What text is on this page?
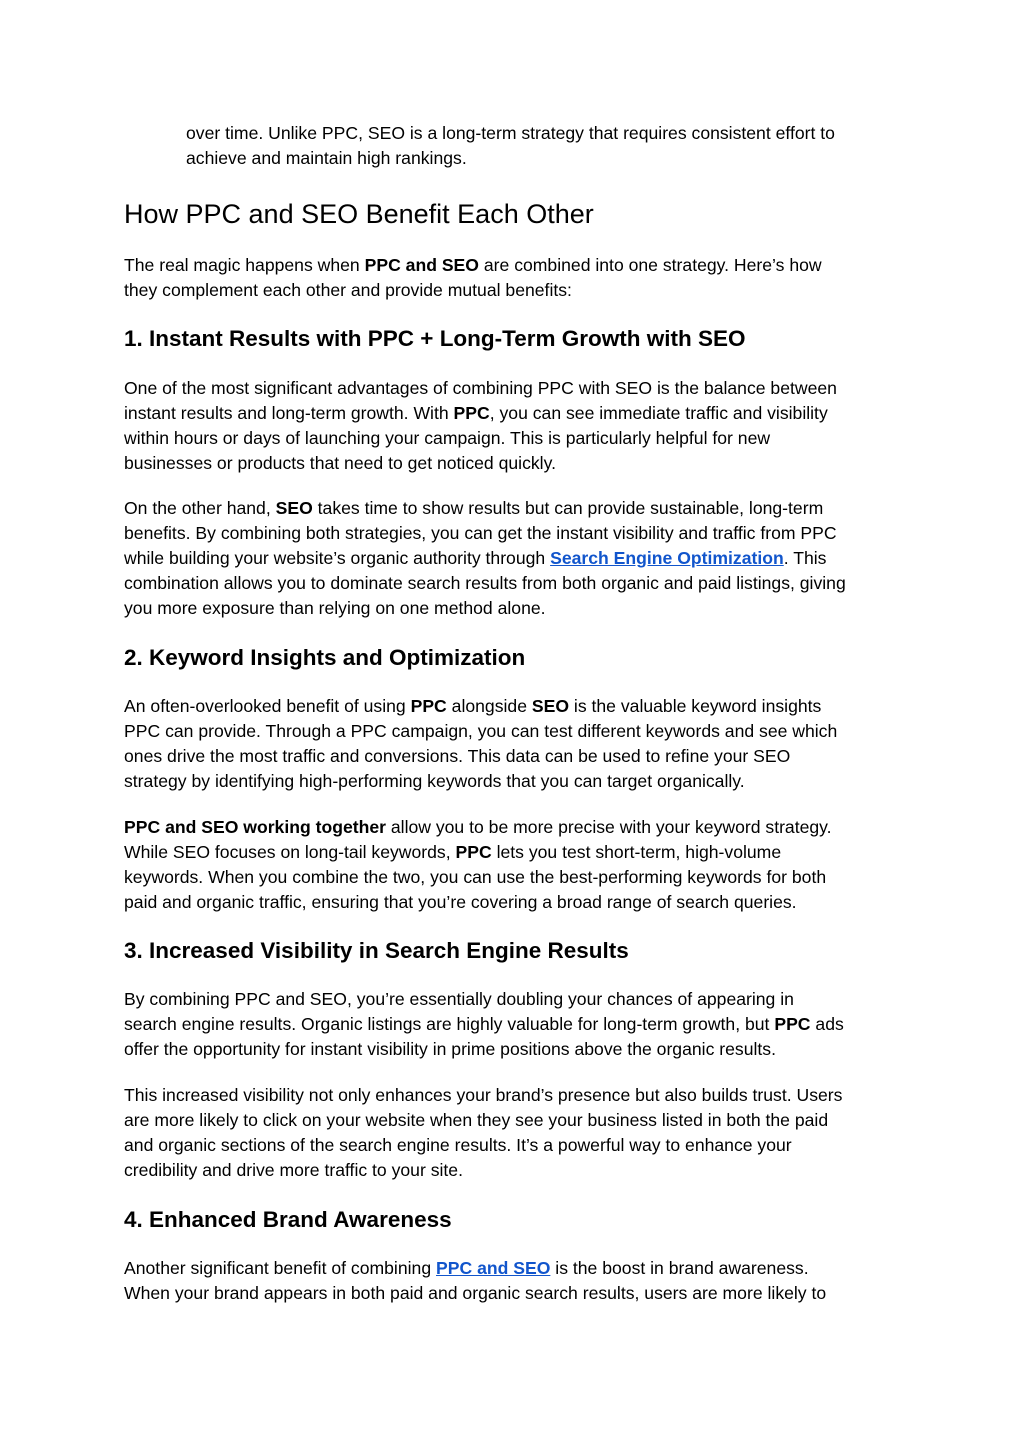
over time. Unlike PPC, SEO is a long-term strategy that requires consistent effort to
achieve and maintain high rankings.

How PPC and SEO Benefit Each Other

The real magic happens when PPC and SEO are combined into one strategy. Here’s how
they complement each other and provide mutual benefits:

1. Instant Results with PPC + Long-Term Growth with SEO

One of the most significant advantages of combining PPC with SEO is the balance between
instant results and long-term growth. With PPC, you can see immediate traffic and visibility
within hours or days of launching your campaign. This is particularly helpful for new
businesses or products that need to get noticed quickly.

On the other hand, SEO takes time to show results but can provide sustainable, long-term
benefits. By combining both strategies, you can get the instant visibility and traffic from PPC
while building your website’s organic authority through Search Engine Optimization. This
combination allows you to dominate search results from both organic and paid listings, giving
you more exposure than relying on one method alone.

2. Keyword Insights and Optimization

An often-overlooked benefit of using PPC alongside SEO is the valuable keyword insights
PPC can provide. Through a PPC campaign, you can test different keywords and see which
ones drive the most traffic and conversions. This data can be used to refine your SEO
strategy by identifying high-performing keywords that you can target organically.

PPC and SEO working together allow you to be more precise with your keyword strategy.
While SEO focuses on long-tail keywords, PPC lets you test short-term, high-volume
keywords. When you combine the two, you can use the best-performing keywords for both
paid and organic traffic, ensuring that you’re covering a broad range of search queries.

3. Increased Visibility in Search Engine Results

By combining PPC and SEO, you’re essentially doubling your chances of appearing in
search engine results. Organic listings are highly valuable for long-term growth, but PPC ads
offer the opportunity for instant visibility in prime positions above the organic results.

This increased visibility not only enhances your brand’s presence but also builds trust. Users
are more likely to click on your website when they see your business listed in both the paid
and organic sections of the search engine results. It’s a powerful way to enhance your
credibility and drive more traffic to your site.

4. Enhanced Brand Awareness

Another significant benefit of combining PPC and SEO is the boost in brand awareness.
When your brand appears in both paid and organic search results, users are more likely to
